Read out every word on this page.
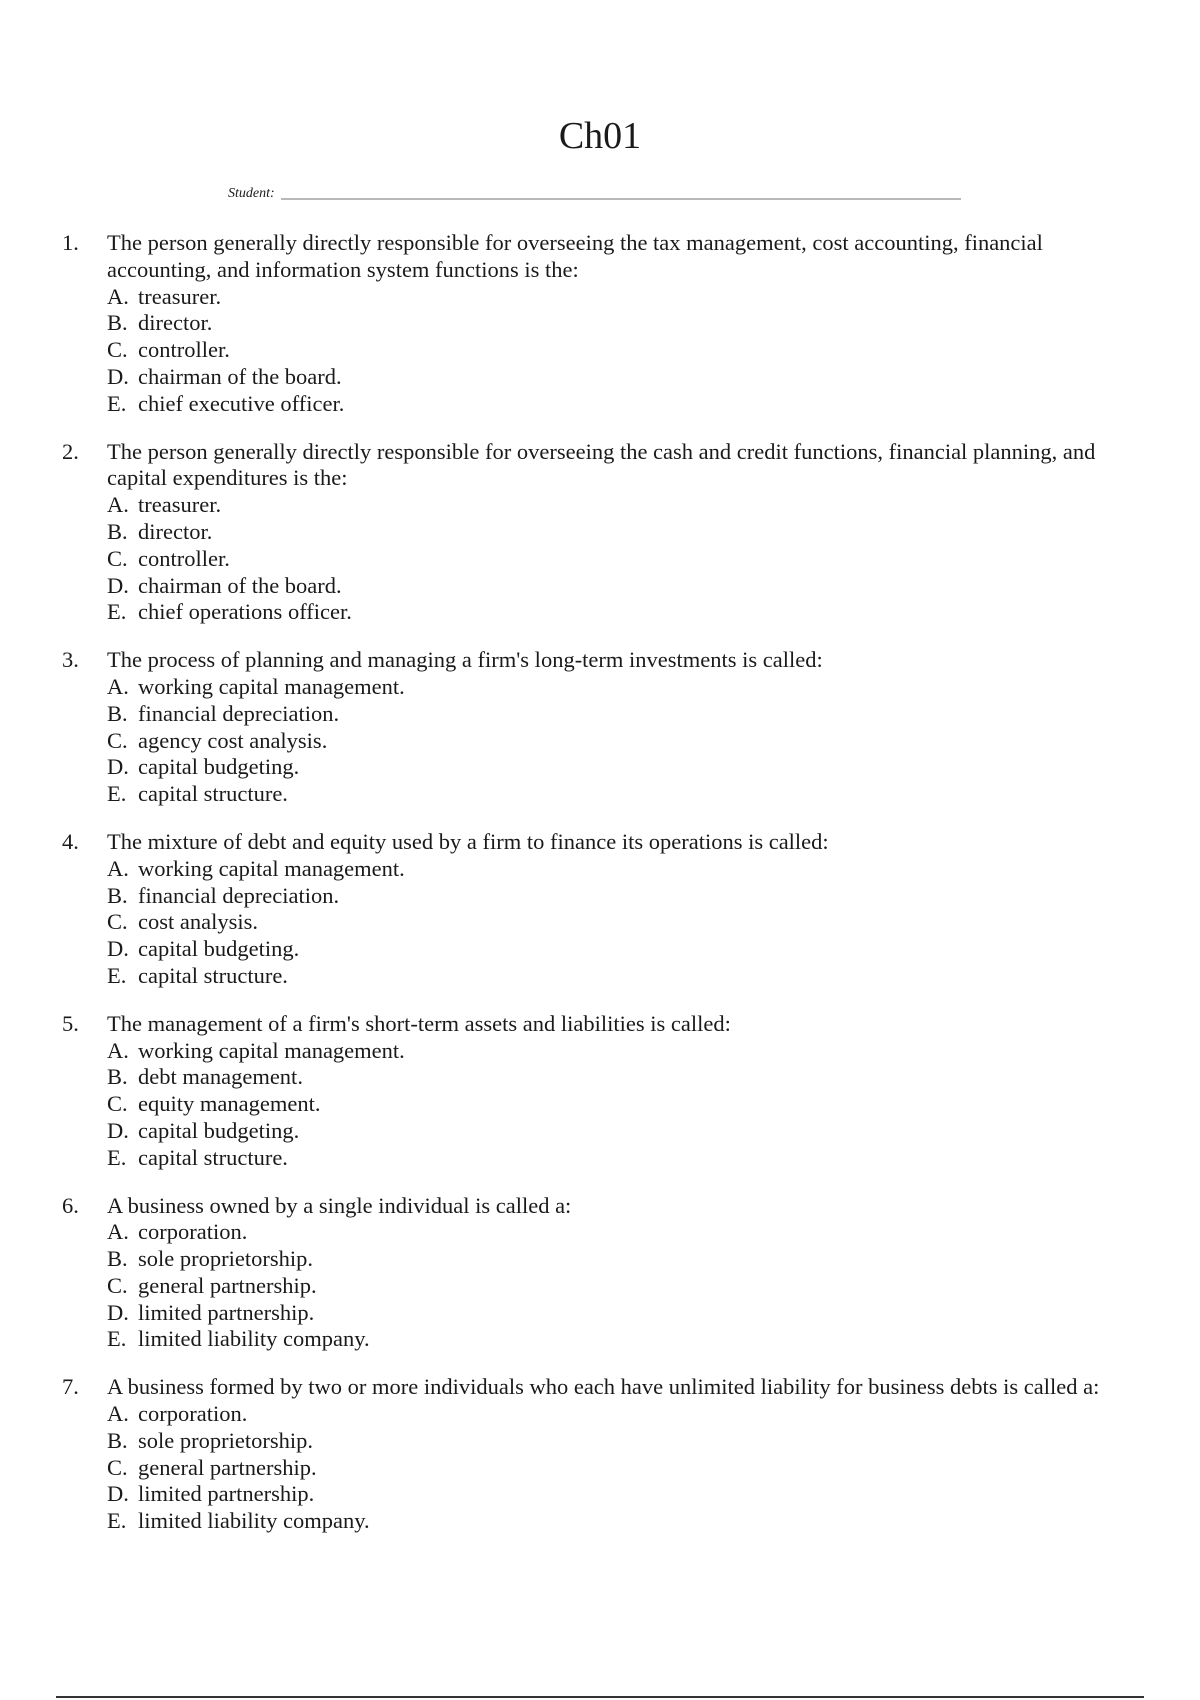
Ch01
Student:
1.	The person generally directly responsible for overseeing the tax management, cost accounting, financial accounting, and information system functions is the:
A. treasurer.
B. director.
C. controller.
D. chairman of the board.
E. chief executive officer.
2.	The person generally directly responsible for overseeing the cash and credit functions, financial planning, and capital expenditures is the:
A. treasurer.
B. director.
C. controller.
D. chairman of the board.
E. chief operations officer.
3.	The process of planning and managing a firm's long-term investments is called:
A. working capital management.
B. financial depreciation.
C. agency cost analysis.
D. capital budgeting.
E. capital structure.
4.	The mixture of debt and equity used by a firm to finance its operations is called:
A. working capital management.
B. financial depreciation.
C. cost analysis.
D. capital budgeting.
E. capital structure.
5.	The management of a firm's short-term assets and liabilities is called:
A. working capital management.
B. debt management.
C. equity management.
D. capital budgeting.
E. capital structure.
6.	A business owned by a single individual is called a:
A. corporation.
B. sole proprietorship.
C. general partnership.
D. limited partnership.
E. limited liability company.
7.	A business formed by two or more individuals who each have unlimited liability for business debts is called a:
A. corporation.
B. sole proprietorship.
C. general partnership.
D. limited partnership.
E. limited liability company.
